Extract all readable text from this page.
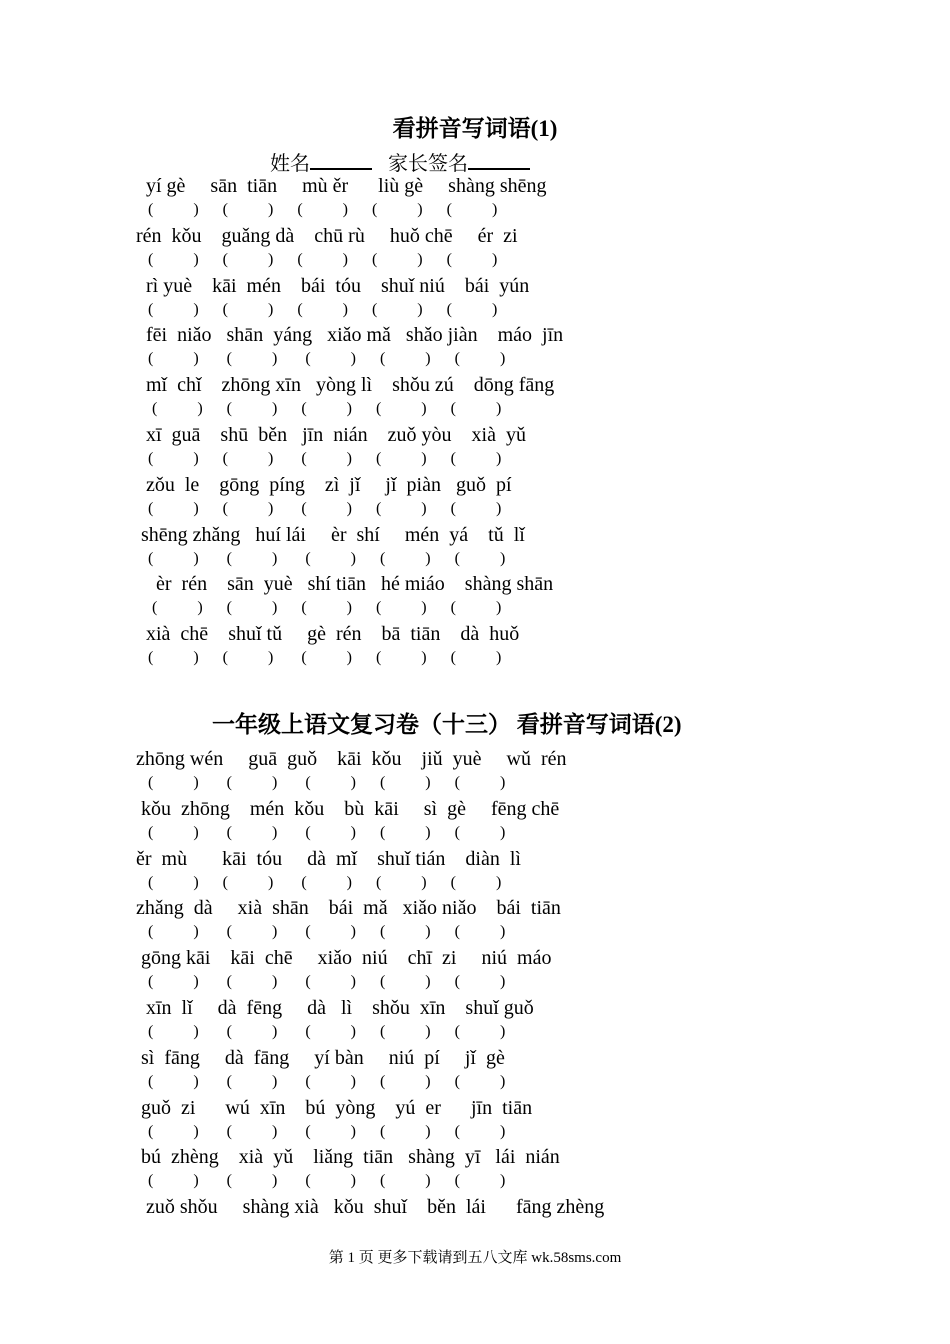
看拼音写词语(1)
姓名	家长签名
yí gè     sān  tiān     mù ěr      liù gè     shàng shēng
(          )      (          )      (          )      (          )      (          )
rén  kǒu    guǎng dà    chū rù     huǒ chē     ér  zi
(          )      (          )      (          )      (          )      (          )
rì yuè    kāi  mén    bái  tóu    shuǐ niú    bái  yún
(          )      (          )      (          )      (          )      (          )
fēi  niǎo   shān  yáng   xiǎo mǎ   shǎo jiàn    máo  jīn
(          )       (          )       (          )      (          )      (          )
mǐ  chǐ    zhōng xīn   yòng lì    shǒu zú    dōng fāng
(          )      (          )      (          )      (          )      (          )
xī  guā    shū  běn   jīn  nián    zuǒ yòu    xià  yǔ
(          )      (          )       (          )      (          )      (          )
zǒu  le    gōng  píng    zì  jǐ     jǐ  piàn   guǒ  pí
(          )      (          )       (          )      (          )      (          )
shēng zhǎng   huí lái     èr  shí     mén  yá    tǔ  lǐ
(          )       (          )       (          )      (          )      (          )
èr  rén    sān  yuè   shí tiān   hé miáo    shàng shān
(          )      (          )      (          )      (          )      (          )
xià  chē    shuǐ tǔ     gè  rén    bā  tiān    dà  huǒ
(          )      (          )       (          )      (          )      (          )
一年级上语文复习卷（十三） 看拼音写词语(2)
zhōng wén     guā  guǒ    kāi  kǒu    jiǔ  yuè     wǔ  rén
(          )       (          )       (          )      (          )      (          )
kǒu  zhōng    mén  kǒu    bù  kāi     sì  gè     fēng chē
(          )       (          )       (          )      (          )      (          )
ěr  mù       kāi  tóu     dà  mǐ    shuǐ tián    diàn  lì
(          )      (          )       (          )      (          )      (          )
zhǎng  dà     xià  shān    bái  mǎ   xiǎo niǎo    bái  tiān
(          )       (          )       (          )      (          )      (          )
gōng kāi    kāi  chē     xiǎo  niú    chī  zi     niú  máo
(          )       (          )       (          )      (          )      (          )
xīn  lǐ     dà  fēng     dà   lì    shǒu  xīn    shuǐ guǒ
(          )       (          )       (          )      (          )      (          )
sì  fāng     dà  fāng     yí bàn     niú  pí     jǐ  gè
(          )       (          )       (          )      (          )      (          )
guǒ  zi      wú  xīn    bú  yòng    yú  er      jīn  tiān
(          )       (          )       (          )      (          )      (          )
bú  zhèng    xià  yǔ    liǎng  tiān   shàng  yī   lái  nián
(          )       (          )       (          )      (          )      (          )
zuǒ shǒu     shàng xià   kǒu  shuǐ    běn  lái      fāng zhèng
第 1 页 更多下载请到五八文库 wk.58sms.com
